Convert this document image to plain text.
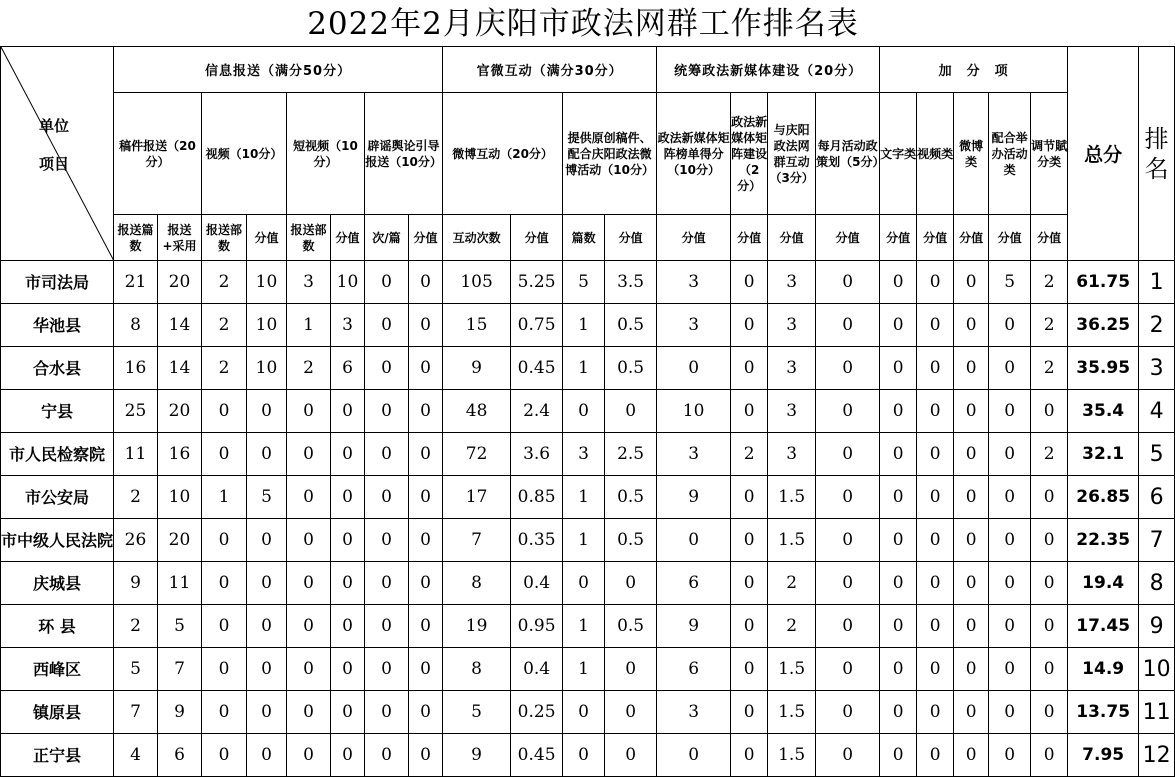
2022年2月庆阳市政法网群工作排名表
单位
项目	信息报送（满分50分）								官微互动（满分30分）				统筹政法新媒体建设（20分）				加　分　项					总分	排名
	稿件报送（20分）		视频（10分）		短视频（10分）		辟谣舆论引导报送（10分）		微博互动（20分）		提供原创稿件、配合庆阳政法微博活动（10分）		政法新媒体矩阵榜单得分（10分）	政法新媒体矩阵建设（2分）	与庆阳政法网群互动（3分）	每月活动政策划（5分）	文字类	视频类	微博类	配合举办活动类	调节賦分类		
	报送篇数	报送+采用	报送部数	分值	报送部数	分值	次/篇	分值	互动次数	分值	篇数	分值	分值	分值	分值	分值	分值	分值	分值	分值	分值		
市司法局	21	20	2	10	3	10	0	0	105	5.25	5	3.5	3	0	3	0	0	0	0	5	2	61.75	1
华池县	8	14	2	10	1	3	0	0	15	0.75	1	0.5	3	0	3	0	0	0	0	0	2	36.25	2
合水县	16	14	2	10	2	6	0	0	9	0.45	1	0.5	0	0	3	0	0	0	0	0	2	35.95	3
宁县	25	20	0	0	0	0	0	0	48	2.4	0	0	10	0	3	0	0	0	0	0	0	35.4	4
市人民检察院	11	16	0	0	0	0	0	0	72	3.6	3	2.5	3	2	3	0	0	0	0	0	2	32.1	5
市公安局	2	10	1	5	0	0	0	0	17	0.85	1	0.5	9	0	1.5	0	0	0	0	0	0	26.85	6
市中级人民法院	26	20	0	0	0	0	0	0	7	0.35	1	0.5	0	0	1.5	0	0	0	0	0	0	22.35	7
庆城县	9	11	0	0	0	0	0	0	8	0.4	0	0	6	0	2	0	0	0	0	0	0	19.4	8
环 县	2	5	0	0	0	0	0	0	19	0.95	1	0.5	9	0	2	0	0	0	0	0	0	17.45	9
西峰区	5	7	0	0	0	0	0	0	8	0.4	1	0	6	0	1.5	0	0	0	0	0	0	14.9	10
镇原县	7	9	0	0	0	0	0	0	5	0.25	0	0	3	0	1.5	0	0	0	0	0	0	13.75	11
正宁县	4	6	0	0	0	0	0	0	9	0.45	0	0	0	0	1.5	0	0	0	0	0	0	7.95	12
